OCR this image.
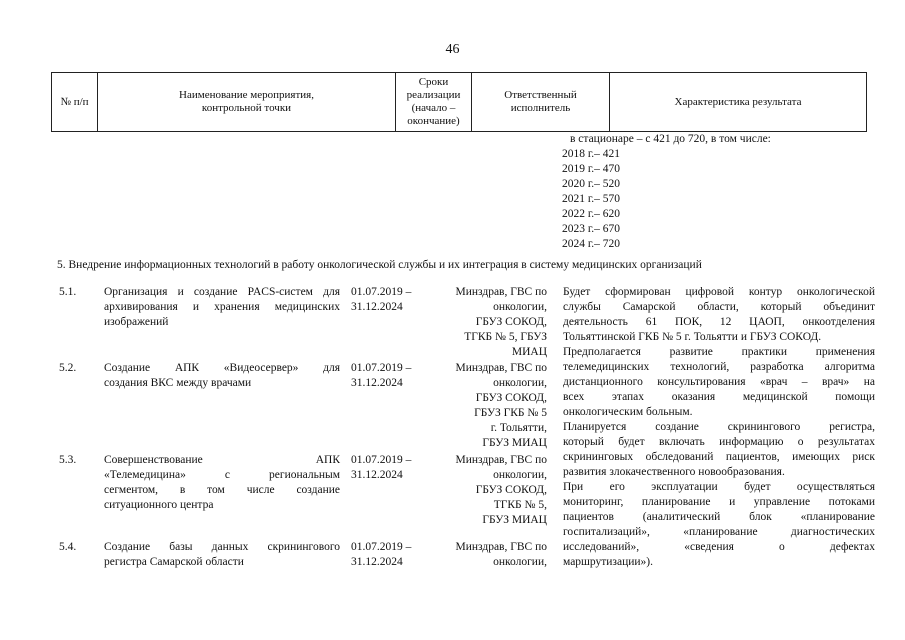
46
№ п/п
Наименование мероприятия,
контрольной точки
Сроки
реализации
(начало –
окончание)
Ответственный
исполнитель
Характеристика результата
в стационаре – с 421 до 720, в том числе:
2018 г.– 421
2019 г.– 470
2020 г.– 520
2021 г.– 570
2022 г.– 620
2023 г.– 670
2024 г.– 720
5. Внедрение информационных технологий в работу онкологической службы и их интеграция в систему медицинских организаций
5.1. Организация и создание PACS-систем для
архивирования и хранения медицинских
изображений
01.07.2019 –
31.12.2024
Минздрав, ГВС по
онкологии,
ГБУЗ СОКОД,
ТГКБ № 5, ГБУЗ
МИАЦ
5.2. Создание АПК «Видеосервер» для
создания ВКС между врачами
01.07.2019 –
31.12.2024
Минздрав, ГВС по
онкологии,
ГБУЗ СОКОД,
ГБУЗ ГКБ № 5
г. Тольятти,
ГБУЗ МИАЦ
5.3. Совершенствование АПК
«Телемедицина» с региональным
сегментом, в том числе создание
ситуационного центра
01.07.2019 –
31.12.2024
Минздрав, ГВС по
онкологии,
ГБУЗ СОКОД,
ТГКБ № 5,
ГБУЗ МИАЦ
5.4. Создание базы данных скринингового
регистра Самарской области
01.07.2019 –
31.12.2024
Минздрав, ГВС по
онкологии,
Будет сформирован цифровой контур онкологической
службы Самарской области, который объединит
деятельность 61 ПОК, 12 ЦАОП, онкоотделения
Тольяттинской ГКБ № 5 г. Тольятти и ГБУЗ СОКОД.
Предполагается развитие практики применения
телемедицинских технологий, разработка алгоритма
дистанционного консультирования «врач – врач» на
всех этапах оказания медицинской помощи
онкологическим больным.
Планируется создание скринингового регистра,
который будет включать информацию о результатах
скрининговых обследований пациентов, имеющих риск
развития злокачественного новообразования.
При его эксплуатации будет осуществляться
мониторинг, планирование и управление потоками
пациентов (аналитический блок «планирование
госпитализаций», «планирование диагностических
исследований», «сведения о дефектах
маршрутизации»).
